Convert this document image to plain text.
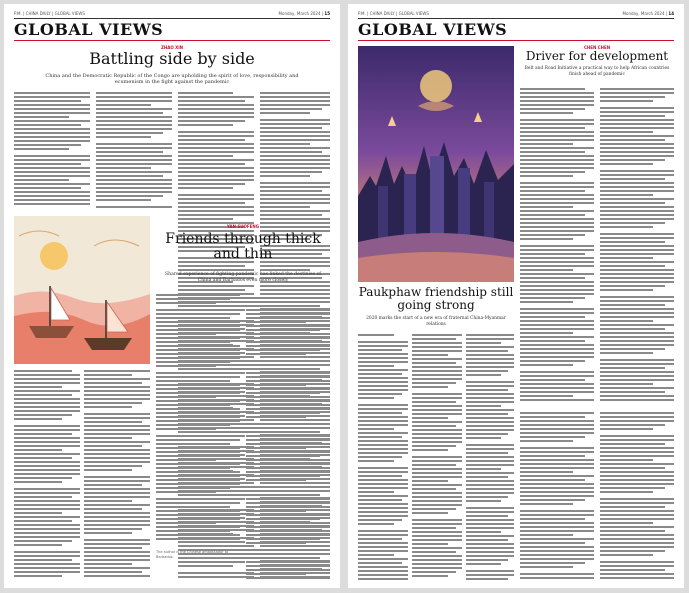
P.M. | CHINA DAILY | GLOBAL VIEWS	Monday, March 2024 | 15
GLOBAL VIEWS
ZHAO XIN
Battling side by side
China and the Democratic Republic of the Congo are upholding the spirit of love, responsibility and ecumenism in the fight against the pandemic
YAN SUOFENG
Friends through thick and thin
Shared experience of fighting pandemic has linked the destinies of China and Barbados even more closely
The author is the Chinese ambassador to Barbados.
P.M. | CHINA DAILY | GLOBAL VIEWS	Monday, March 2024 | 14
GLOBAL VIEWS
CHEN CHEN
Driver for development
Belt and Road Initiative a practical way to help African countries finish ahead of pandemic
Paukphaw friendship still going strong
2020 marks the start of a new era of fraternal China-Myanmar relations
